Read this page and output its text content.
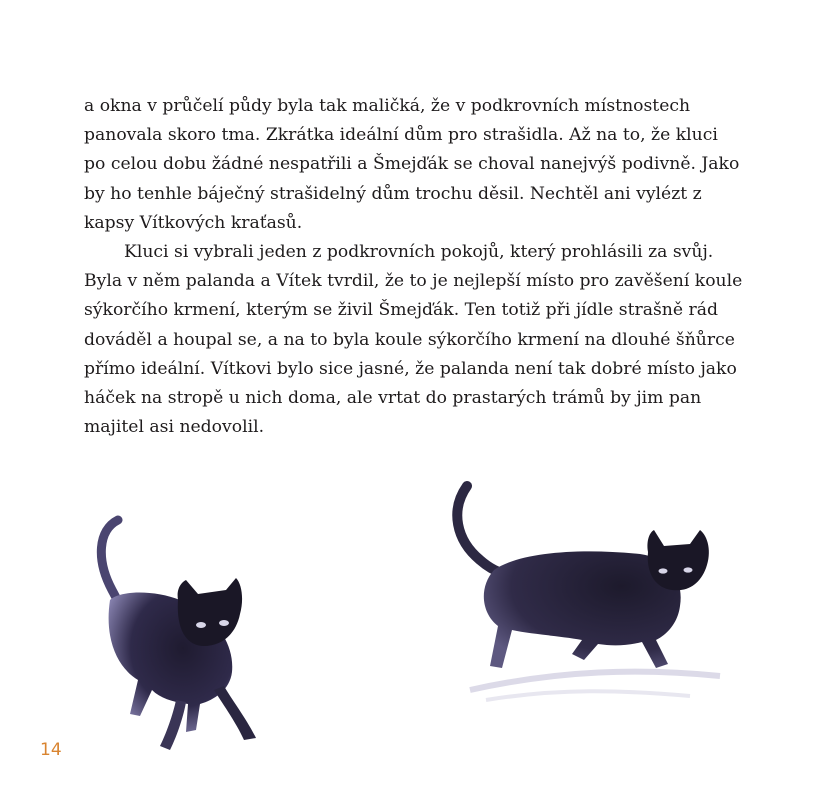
a okna v průčelí půdy byla tak maličká, že v podkrovních místnostech panovala skoro tma. Zkrátka ideální dům pro strašidla. Až na to, že kluci po celou dobu žádné nespatřili a Šmejďák se choval nanejvýš podivně. Jako by ho tenhle báječný strašidelný dům trochu děsil. Nechtěl ani vylézt z kapsy Vítkových kraťasů.

Kluci si vybrali jeden z podkrovních pokojů, který prohlásili za svůj. Byla v něm palanda a Vítek tvrdil, že to je nejlepší místo pro zavěšení koule sýkorčího krmení, kterým se živil Šmejďák. Ten totiž při jídle strašně rád dováděl a houpal se, a na to byla koule sýkorčího krmení na dlouhé šňůrce přímo ideální. Vítkovi bylo sice jasné, že palanda není tak dobré místo jako háček na stropě u nich doma, ale vrtat do prastarých trámů by jim pan majitel asi nedovolil.

14
